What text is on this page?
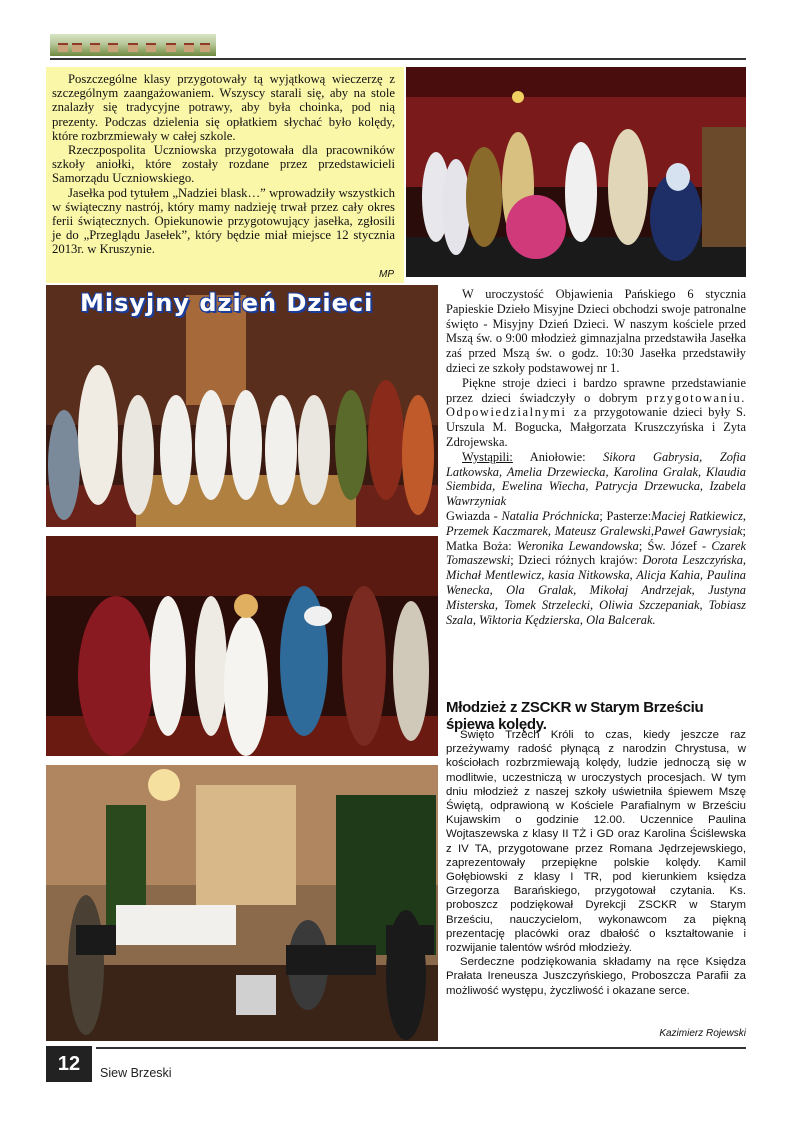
Poszczególne klasy przygotowały tą wyjątkową wieczerzę z szczególnym zaangażowaniem. Wszyscy starali się, aby na stole znalazły się tradycyjne potrawy, aby była choinka, pod nią prezenty. Podczas dzielenia się opłatkiem słychać było kolędy, które rozbrzmiewały w całej szkole.

Rzeczpospolita Uczniowska przygotowała dla pracowników szkoły aniołki, które zostały rozdane przez przedstawicieli Samorządu Uczniowskiego.

Jasełka pod tytułem „Nadziei blask…” wprowadziły wszystkich w świąteczny nastrój, który mamy nadzieję trwał przez cały okres ferii świątecznych. Opiekunowie przygotowujący jasełka, zgłosili je do „Przeglądu Jasełek”, który będzie miał miejsce 12 stycznia 2013r. w Kruszynie.

MP
Misyjny dzień Dzieci	W uroczystość Objawienia Pańskiego 6 stycznia Papieskie Dzieło Misyjne Dzieci obchodzi swoje patronalne święto - Misyjny Dzień Dzieci. W naszym kościele przed Mszą św. o 9:00 młodzież gimnazjalna przedstawiła Jasełka zaś przed Mszą św. o godz. 10:30 Jasełka przedstawiły dzieci ze szkoły podstawowej nr 1.

Piękne stroje dzieci i bardzo sprawne przedstawianie przez dzieci świadczyły o dobrym przygotowaniu. Odpowiedzialnymi za przygotowanie dzieci były S. Urszula M. Bogucka, Małgorzata Kruszczyńska i Zyta Zdrojewska.

Wystąpili: Aniołowie: Sikora Gabrysia, Zofia Latkowska, Amelia Drzewiecka, Karolina Gralak, Klaudia Siembida, Ewelina Wiecha, Patrycja Drzewucka, Izabela Wawrzyniak

Gwiazda - Natalia Próchnicka; Pasterze:Maciej Ratkiewicz, Przemek Kaczmarek, Mateusz Gralewski,Paweł Gawrysiak; Matka Boża: Weronika Lewandowska; Św. Józef - Czarek Tomaszewski; Dzieci różnych krajów: Dorota Leszczyńska, Michał Mentlewicz, kasia Nitkowska, Alicja Kahia, Paulina Wenecka, Ola Gralak, Mikołaj Andrzejak, Justyna Misterska, Tomek Strzelecki, Oliwia Szczepaniak, Tobiasz Szala, Wiktoria Kędzierska, Ola Balcerak.
Młodzież z ZSCKR w Starym Brześciu śpiewa kolędy.

Święto Trzech Króli to czas, kiedy jeszcze raz przeżywamy radość płynącą z narodzin Chrystusa, w kościołach rozbrzmiewają kolędy, ludzie jednoczą się w modlitwie, uczestniczą w uroczystych procesjach. W tym dniu młodzież z naszej szkoły uświetniła śpiewem Mszę Świętą, odprawioną w Kościele Parafialnym w Brześciu Kujawskim o godzinie 12.00. Uczennice Paulina Wojtaszewska z klasy II TŻ i GD oraz Karolina Ściślewska z IV TA, przygotowane przez Romana Jędrzejewskiego, zaprezentowały przepiękne polskie kolędy. Kamil Gołębiowski z klasy I TR, pod kierunkiem księdza Grzegorza Barańskiego, przygotował czytania. Ks. proboszcz podziękował Dyrekcji ZSCKR w Starym Brześciu, nauczycielom, wykonawcom za piękną prezentację placówki oraz dbałość o kształtowanie i rozwijanie talentów wśród młodzieży.

Serdeczne podziękowania składamy na ręce Księdza Prałata Ireneusza Juszczyńskiego, Proboszcza Parafii za możliwość występu, życzliwość i okazane serce.

Kazimierz Rojewski
12	Siew Brzeski
